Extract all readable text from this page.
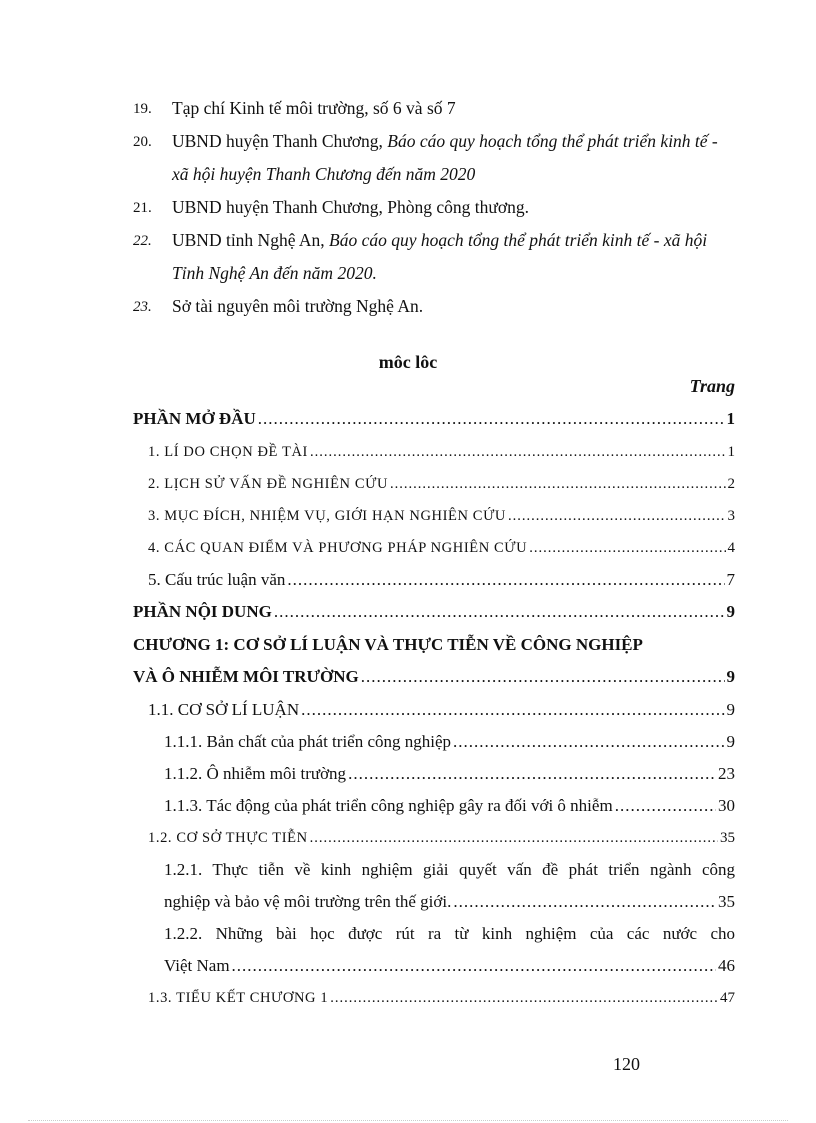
19. Tạp chí Kinh tế môi trường, số 6 và số 7
20. UBND huyện Thanh Chương, Báo cáo quy hoạch tổng thể phát triển kinh tế - xã hội huyện Thanh Chương đến năm 2020
21. UBND huyện Thanh Chương, Phòng công thương.
22. UBND tỉnh Nghệ An, Báo cáo quy hoạch tổng thể phát triển kinh tế - xã hội Tỉnh Nghệ An đến năm 2020.
23. Sở tài nguyên môi trường Nghệ An.
môc lôc
Trang
PHẦN MỞ ĐẦU .....	1
1. LÍ DO CHỌN ĐỀ TÀI .....	1
2. LỊCH SỬ VẤN ĐỀ NGHIÊN CỨU .....	2
3. MỤC ĐÍCH, NHIỆM VỤ, GIỚI HẠN NGHIÊN CỨU .....	3
4. CÁC QUAN ĐIỂM VÀ PHƯƠNG PHÁP NGHIÊN CỨU .....	4
5. Cấu trúc luận văn .....	7
PHẦN NỘI DUNG .....	9
CHƯƠNG 1: CƠ SỞ LÍ LUẬN VÀ THỰC TIỄN VỀ CÔNG NGHIỆP
VÀ Ô NHIỄM MÔI TRƯỜNG .....	9
1.1. CƠ SỞ LÍ LUẬN .....	9
1.1.1. Bản chất của phát triển công nghiệp .....	9
1.1.2. Ô nhiễm môi trường .....	23
1.1.3. Tác động của phát triển công nghiệp gây ra đối với ô nhiễm .....	30
1.2. CƠ SỞ THỰC TIỄN .....	35
1.2.1. Thực tiễn về kinh nghiệm giải quyết vấn đề phát triển ngành công
nghiệp và bảo vệ môi trường trên thế giới. .....	35
1.2.2. Những bài học được rút ra từ kinh nghiệm của các nước cho
Việt Nam .....	46
1.3. TIỂU KẾT CHƯƠNG 1 .....	47
120
